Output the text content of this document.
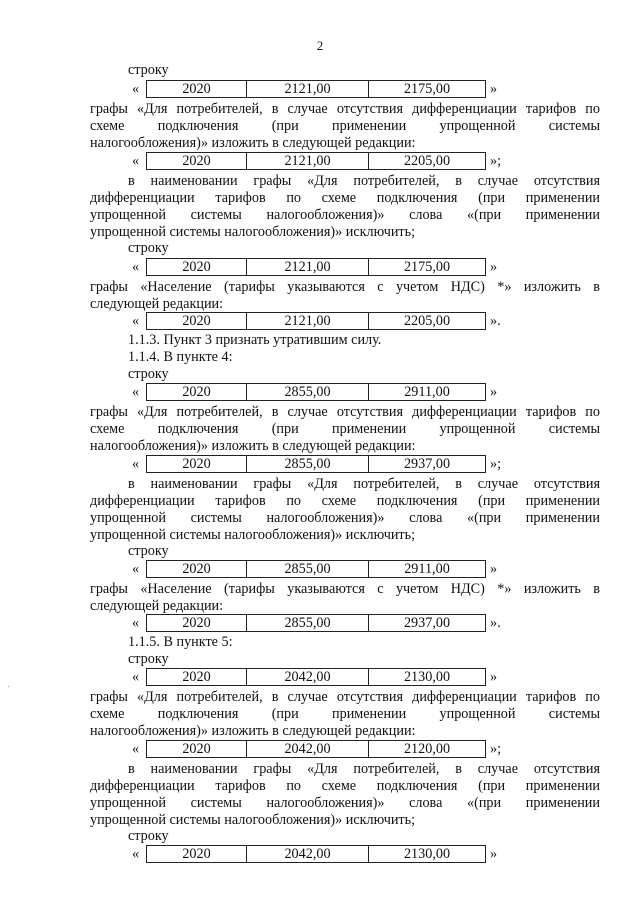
2
строку
«	2020	2121,00	2175,00	»
графы «Для потребителей, в случае отсутствия дифференциации тарифов по
схеме подключения (при применении упрощенной системы
налогообложения)» изложить в следующей редакции:
«	2020	2121,00	2205,00	»;
в наименовании графы «Для потребителей, в случае отсутствия
дифференциации тарифов по схеме подключения (при применении
упрощенной системы налогообложения)» слова «(при применении
упрощенной системы налогообложения)» исключить;
строку
«	2020	2121,00	2175,00	»
графы «Население (тарифы указываются с учетом НДС) *» изложить в
следующей редакции:
«	2020	2121,00	2205,00	».
1.1.3. Пункт 3 признать утратившим силу.
1.1.4. В пункте 4:
строку
«	2020	2855,00	2911,00	»
графы «Для потребителей, в случае отсутствия дифференциации тарифов по
схеме подключения (при применении упрощенной системы
налогообложения)» изложить в следующей редакции:
«	2020	2855,00	2937,00	»;
в наименовании графы «Для потребителей, в случае отсутствия
дифференциации тарифов по схеме подключения (при применении
упрощенной системы налогообложения)» слова «(при применении
упрощенной системы налогообложения)» исключить;
строку
«	2020	2855,00	2911,00	»
графы «Население (тарифы указываются с учетом НДС) *» изложить в
следующей редакции:
«	2020	2855,00	2937,00	».
1.1.5. В пункте 5:
строку
«	2020	2042,00	2130,00	»
графы «Для потребителей, в случае отсутствия дифференциации тарифов по
схеме подключения (при применении упрощенной системы
налогообложения)» изложить в следующей редакции:
«	2020	2042,00	2120,00	»;
в наименовании графы «Для потребителей, в случае отсутствия
дифференциации тарифов по схеме подключения (при применении
упрощенной системы налогообложения)» слова «(при применении
упрощенной системы налогообложения)» исключить;
строку
«	2020	2042,00	2130,00	»
